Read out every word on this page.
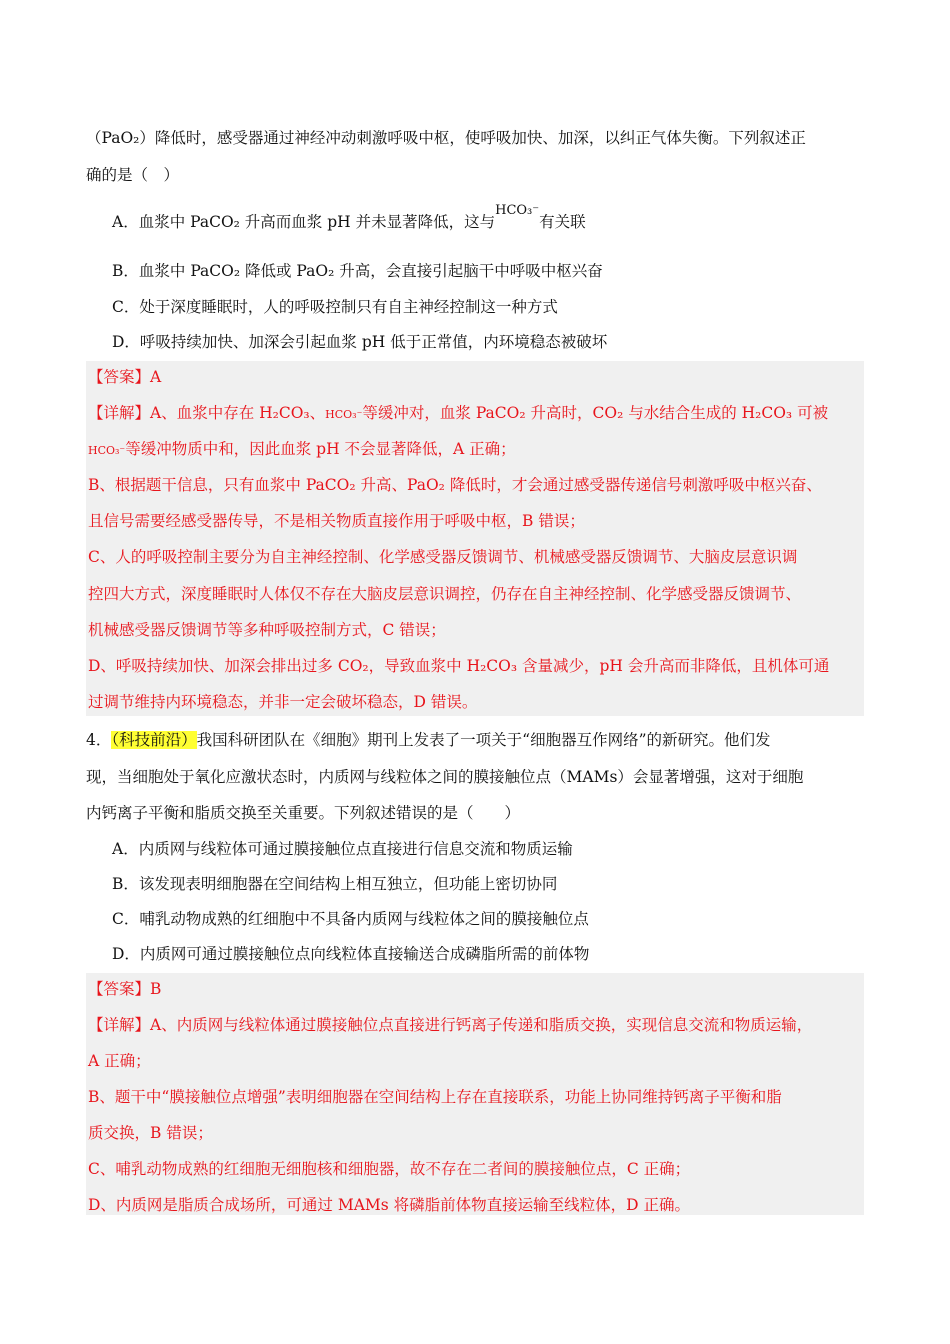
（PaO₂）降低时，感受器通过神经冲动刺激呼吸中枢，使呼吸加快、加深，以纠正气体失衡。下列叙述正
确的是（　）
A．血浆中 PaCO₂ 升高而血浆 pH 并未显著降低，这与HCO₃⁻有关联
B．血浆中 PaCO₂ 降低或 PaO₂ 升高，会直接引起脑干中呼吸中枢兴奋
C．处于深度睡眠时，人的呼吸控制只有自主神经控制这一种方式
D．呼吸持续加快、加深会引起血浆 pH 低于正常值，内环境稳态被破坏
【答案】A
【详解】A、血浆中存在 H₂CO₃、HCO₃⁻等缓冲对，血浆 PaCO₂ 升高时，CO₂ 与水结合生成的 H₂CO₃ 可被
HCO₃⁻等缓冲物质中和，因此血浆 pH 不会显著降低，A 正确；
B、根据题干信息，只有血浆中 PaCO₂ 升高、PaO₂ 降低时，才会通过感受器传递信号刺激呼吸中枢兴奋、
且信号需要经感受器传导，不是相关物质直接作用于呼吸中枢，B 错误；
C、人的呼吸控制主要分为自主神经控制、化学感受器反馈调节、机械感受器反馈调节、大脑皮层意识调
控四大方式，深度睡眠时人体仅不存在大脑皮层意识调控，仍存在自主神经控制、化学感受器反馈调节、
机械感受器反馈调节等多种呼吸控制方式，C 错误；
D、呼吸持续加快、加深会排出过多 CO₂，导致血浆中 H₂CO₃ 含量减少，pH 会升高而非降低，且机体可通
过调节维持内环境稳态，并非一定会破坏稳态，D 错误。
4．（科技前沿）我国科研团队在《细胞》期刊上发表了一项关于“细胞器互作网络”的新研究。他们发
现，当细胞处于氧化应激状态时，内质网与线粒体之间的膜接触位点（MAMs）会显著增强，这对于细胞
内钙离子平衡和脂质交换至关重要。下列叙述错误的是（　　）
A．内质网与线粒体可通过膜接触位点直接进行信息交流和物质运输
B．该发现表明细胞器在空间结构上相互独立，但功能上密切协同
C．哺乳动物成熟的红细胞中不具备内质网与线粒体之间的膜接触位点
D．内质网可通过膜接触位点向线粒体直接输送合成磷脂所需的前体物
【答案】B
【详解】A、内质网与线粒体通过膜接触位点直接进行钙离子传递和脂质交换，实现信息交流和物质运输，
A 正确；
B、题干中“膜接触位点增强”表明细胞器在空间结构上存在直接联系，功能上协同维持钙离子平衡和脂
质交换，B 错误；
C、哺乳动物成熟的红细胞无细胞核和细胞器，故不存在二者间的膜接触位点，C 正确；
D、内质网是脂质合成场所，可通过 MAMs 将磷脂前体物直接运输至线粒体，D 正确。
